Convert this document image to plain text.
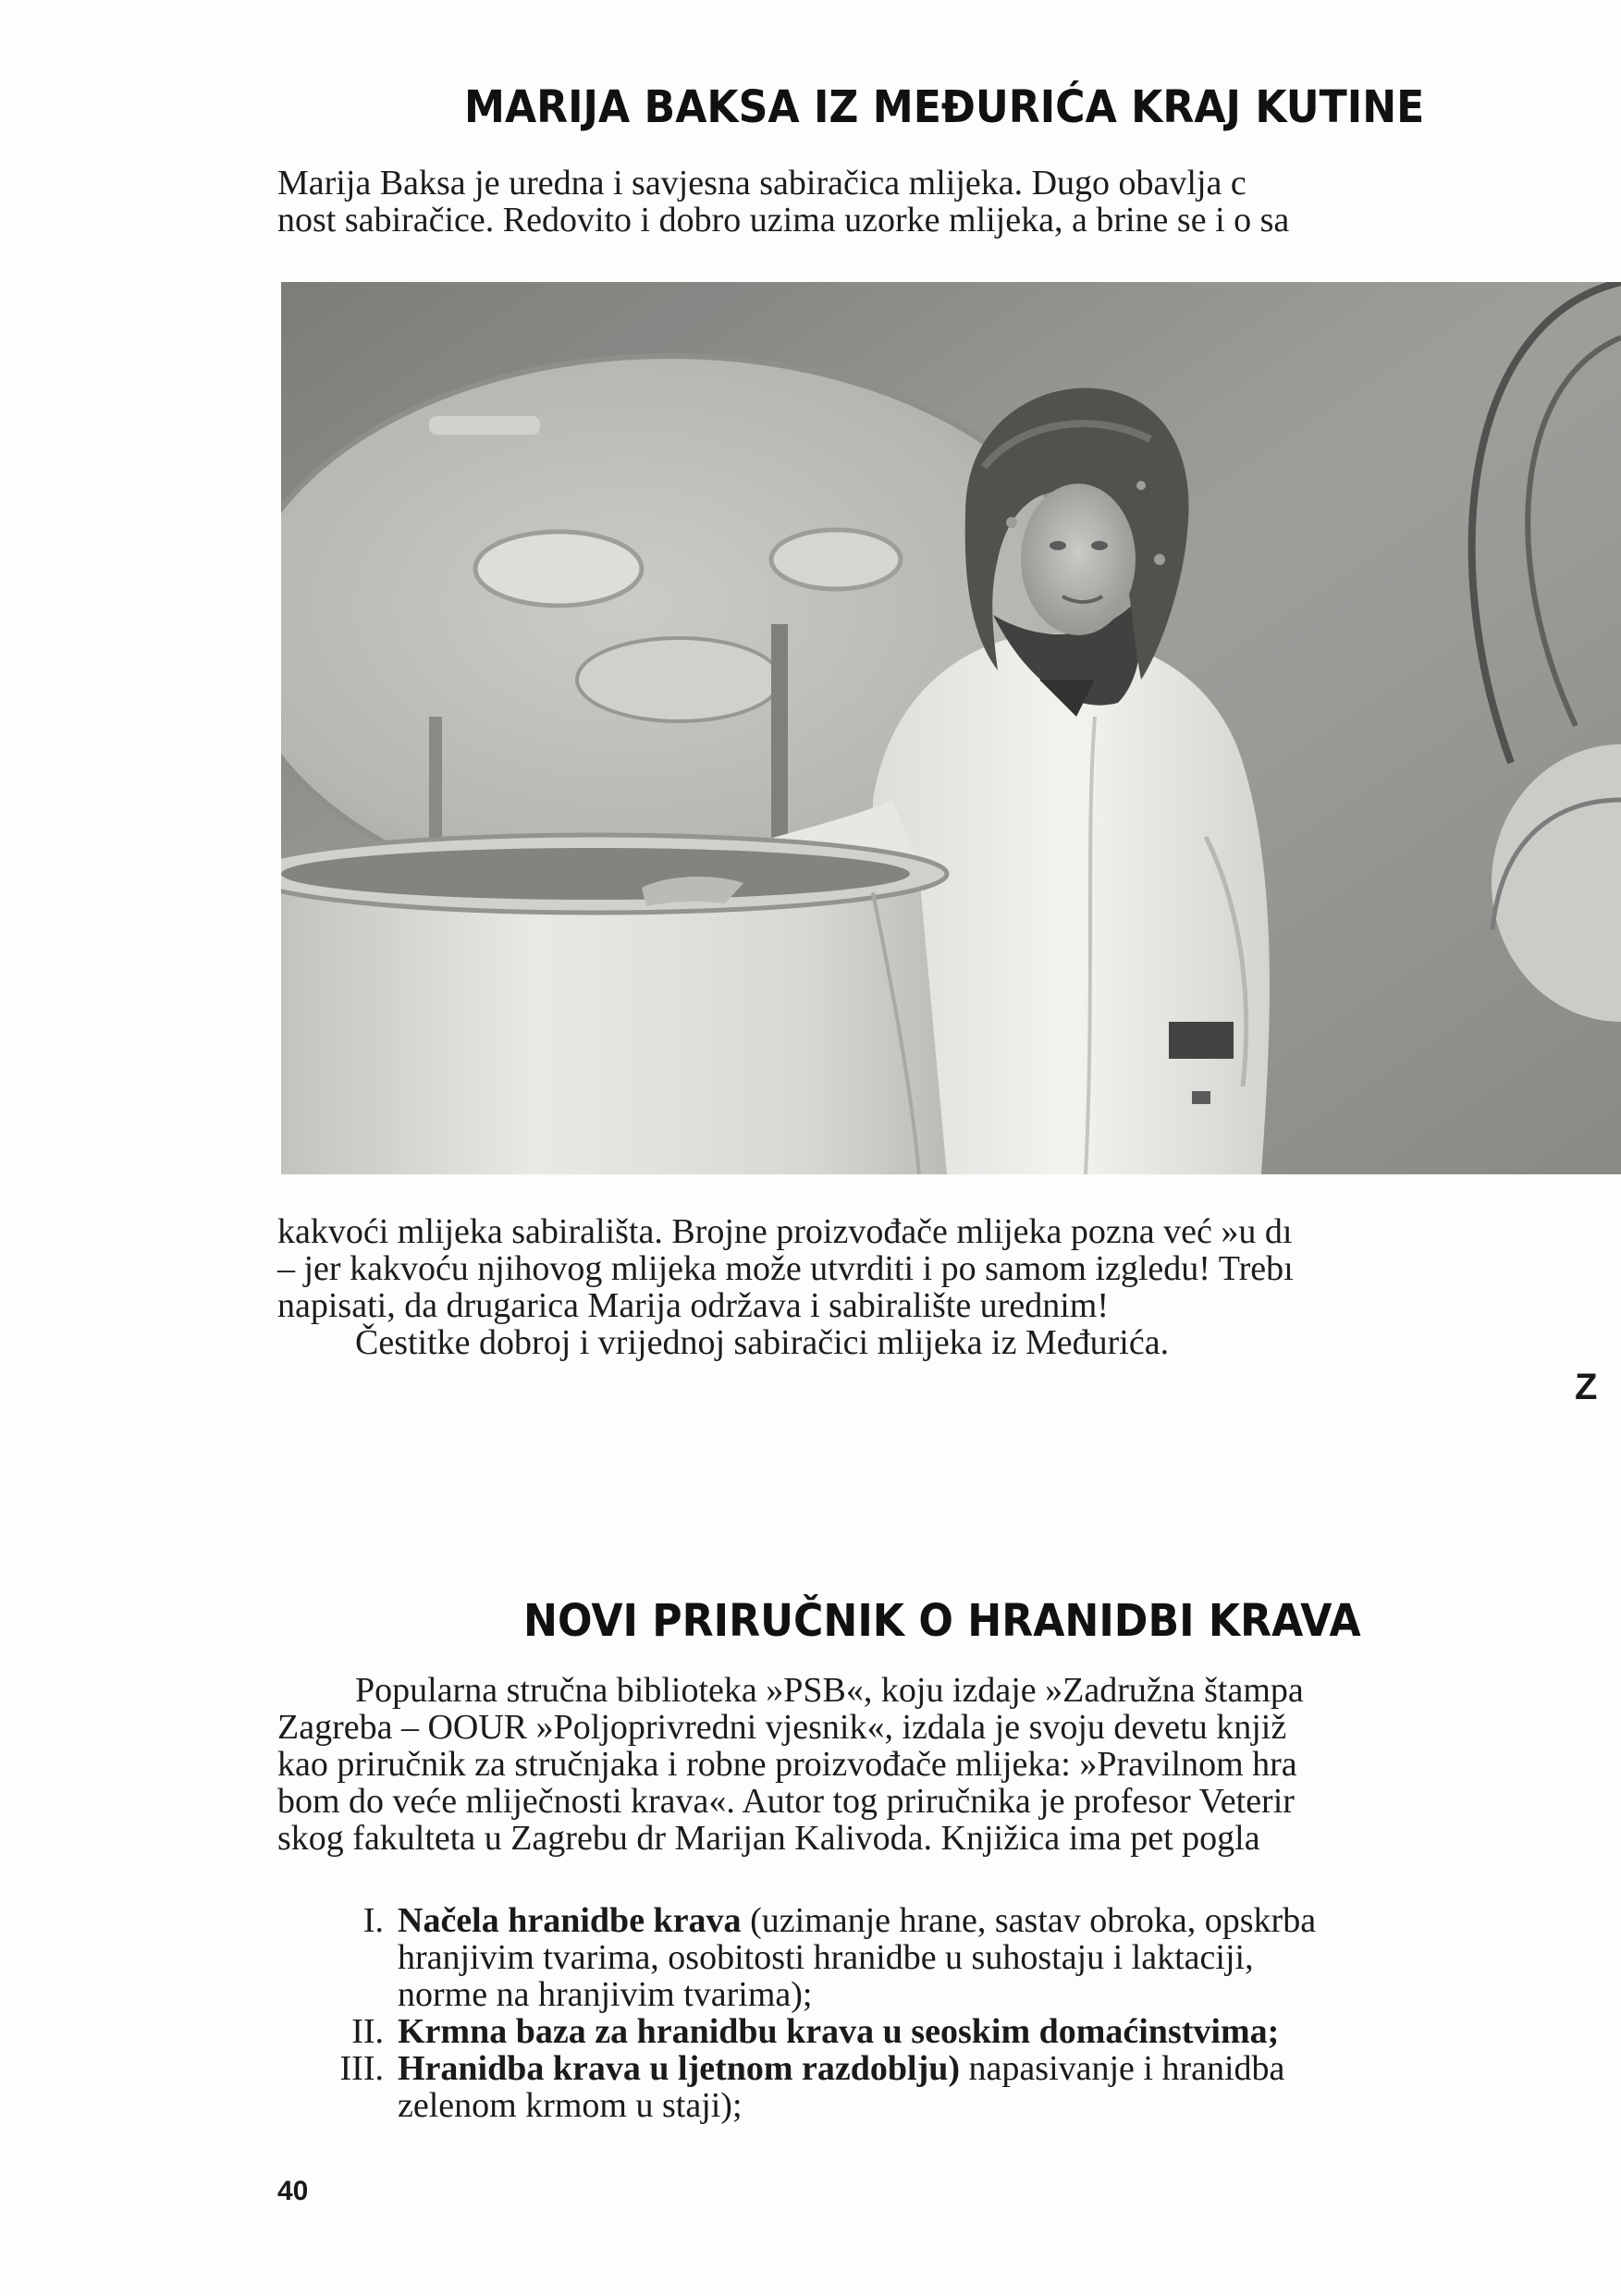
MARIJA BAKSA IZ MEĐURIĆA KRAJ KUTINE
Marija Baksa je uredna i savjesna sabiračica mlijeka. Dugo obavlja c
nost sabiračice. Redovito i dobro uzima uzorke mlijeka, a brine se i o sa
kakvoći mlijeka sabirališta. Brojne proizvođače mlijeka pozna već »u dı
– jer kakvoću njihovog mlijeka može utvrditi i po samom izgledu! Trebı
napisati, da drugarica Marija održava i sabiralište urednim!
Čestitke dobroj i vrijednoj sabiračici mlijeka iz Međurića.
Z
NOVI PRIRUČNIK O HRANIDBI KRAVA
Popularna stručna biblioteka »PSB«, koju izdaje »Zadružna štampa
Zagreba – OOUR »Poljoprivredni vjesnik«, izdala je svoju devetu knjiž
kao priručnik za stručnjaka i robne proizvođače mlijeka: »Pravilnom hra
bom do veće mliječnosti krava«. Autor tog priručnika je profesor Veterir
skog fakulteta u Zagrebu dr Marijan Kalivoda. Knjižica ima pet pogla
I. Načela hranidbe krava (uzimanje hrane, sastav obroka, opskrba
hranjivim tvarima, osobitosti hranidbe u suhostaju i laktaciji,
norme na hranjivim tvarima);
II. Krmna baza za hranidbu krava u seoskim domaćinstvima;
III. Hranidba krava u ljetnom razdoblju) napasivanje i hranidba
zelenom krmom u staji);
40
